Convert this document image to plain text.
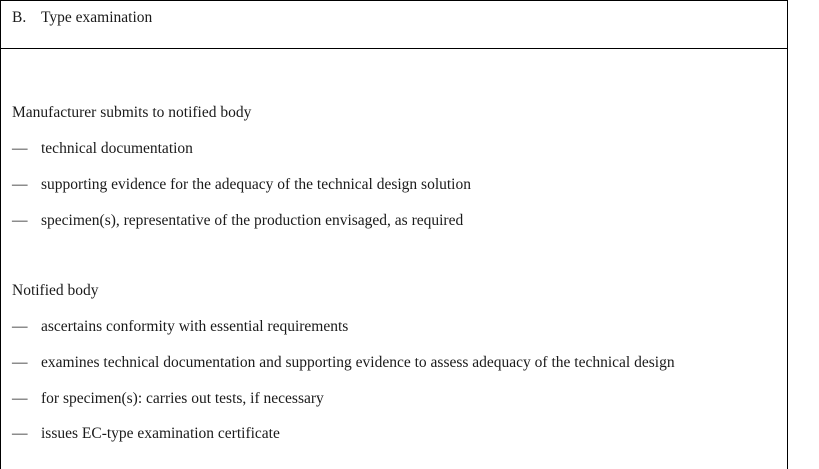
B. Type examination
Manufacturer submits to notified body
— technical documentation
— supporting evidence for the adequacy of the technical design solution
— specimen(s), representative of the production envisaged, as required
Notified body
— ascertains conformity with essential requirements
— examines technical documentation and supporting evidence to assess adequacy of the technical design
— for specimen(s): carries out tests, if necessary
— issues EC-type examination certificate
